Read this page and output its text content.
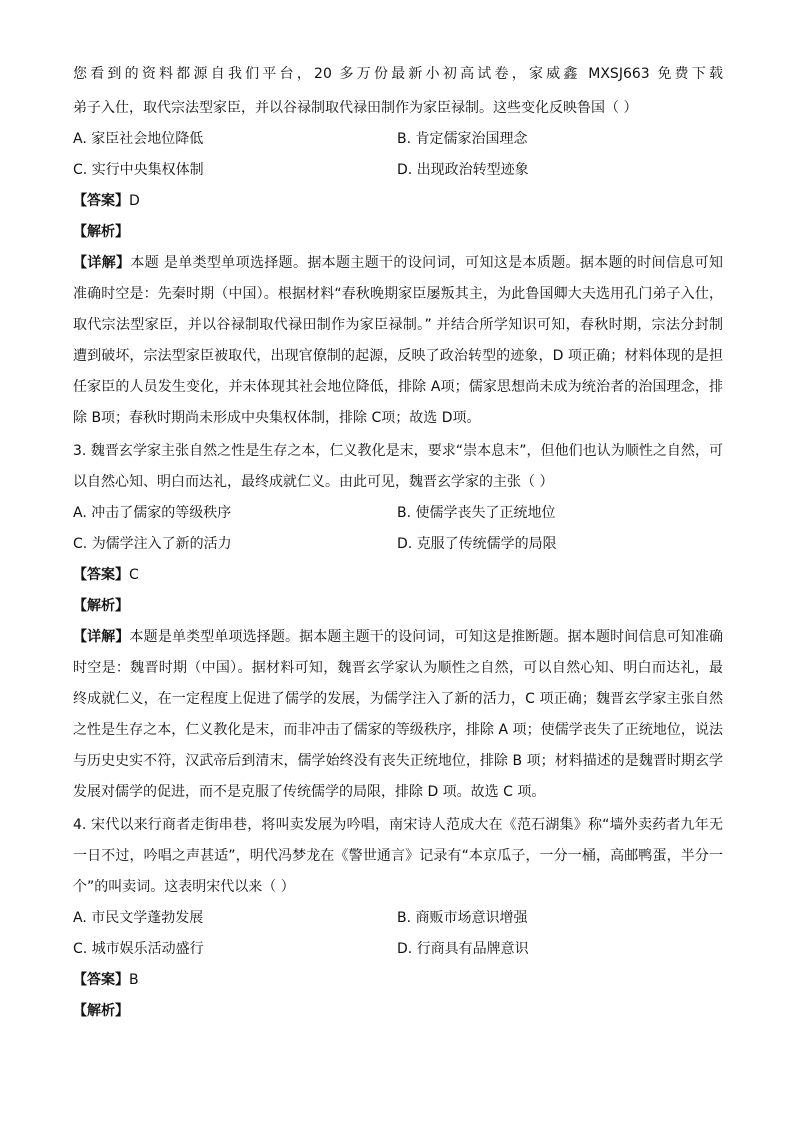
您看到的资料都源自我们平台，20 多万份最新小初高试卷，家威鑫 MXSJ663 免费下载
弟子入仕，取代宗法型家臣，并以谷禄制取代禄田制作为家臣禄制。这些变化反映鲁国（ ）
A. 家臣社会地位降低	B. 肯定儒家治国理念
C. 实行中央集权体制	D. 出现政治转型迹象
【答案】D
【解析】
【详解】本题 是单类型单项选择题。据本题主题干的设问词，可知这是本质题。据本题的时间信息可知
准确时空是：先秦时期（中国）。根据材料“春秋晚期家臣屡叛其主，为此鲁国卿大夫选用孔门弟子入仕，
取代宗法型家臣，并以谷禄制取代禄田制作为家臣禄制。” 并结合所学知识可知，春秋时期，宗法分封制
遭到破坏，宗法型家臣被取代，出现官僚制的起源，反映了政治转型的迹象，D 项正确；材料体现的是担
任家臣的人员发生变化，并未体现其社会地位降低，排除 A项；儒家思想尚未成为统治者的治国理念，排
除 B项；春秋时期尚未形成中央集权体制，排除 C项；故选 D项。
3. 魏晋玄学家主张自然之性是生存之本，仁义教化是末，要求“崇本息末”，但他们也认为顺性之自然，可
以自然心知、明白而达礼，最终成就仁义。由此可见，魏晋玄学家的主张（ ）
A. 冲击了儒家的等级秩序	B. 使儒学丧失了正统地位
C. 为儒学注入了新的活力	D. 克服了传统儒学的局限
【答案】C
【解析】
【详解】本题是单类型单项选择题。据本题主题干的设问词，可知这是推断题。据本题时间信息可知准确
时空是：魏晋时期（中国）。据材料可知，魏晋玄学家认为顺性之自然，可以自然心知、明白而达礼，最
终成就仁义，在一定程度上促进了儒学的发展，为儒学注入了新的活力，C 项正确；魏晋玄学家主张自然
之性是生存之本，仁义教化是末，而非冲击了儒家的等级秩序，排除 A 项；使儒学丧失了正统地位，说法
与历史史实不符，汉武帝后到清末，儒学始终没有丧失正统地位，排除 B 项；材料描述的是魏晋时期玄学
发展对儒学的促进，而不是克服了传统儒学的局限，排除 D 项。故选 C 项。
4. 宋代以来行商者走街串巷，将叫卖发展为吟唱，南宋诗人范成大在《范石湖集》称“墙外卖药者九年无
一日不过，吟唱之声甚适”，明代冯梦龙在《警世通言》记录有“本京瓜子，一分一桶，高邮鸭蛋，半分一
个”的叫卖词。这表明宋代以来（ ）
A. 市民文学蓬勃发展	B. 商贩市场意识增强
C. 城市娱乐活动盛行	D. 行商具有品牌意识
【答案】B
【解析】
